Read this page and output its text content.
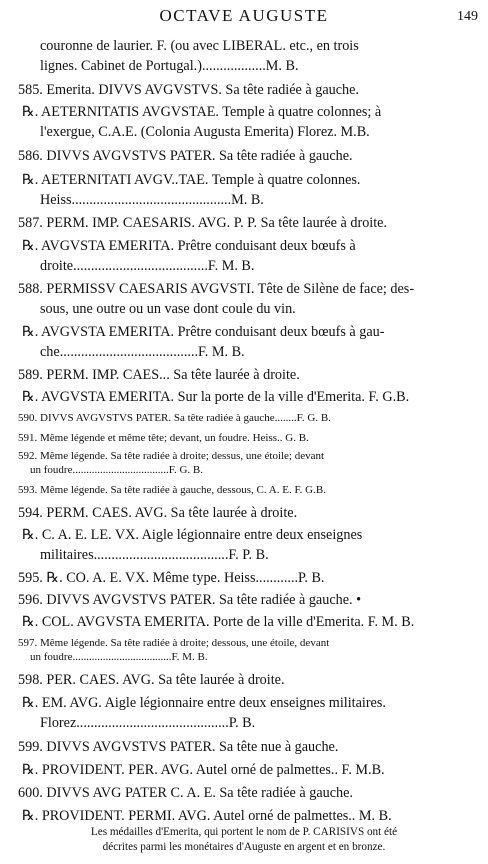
OCTAVE AUGUSTE	149
couronne de laurier. F. (ou avec LIBERAL. etc., en trois
lignes. Cabinet de Portugal.)..................M. B.
585. Emerita. DIVVS AVGVSTVS. Sa tête radiée à gauche.
℞. AETERNITATIS AVGVSTAE. Temple à quatre colonnes; à
l'exergue, C.A.E. (Colonia Augusta Emerita) Florez. M.B.
586. DIVVS AVGVSTVS PATER. Sa tête radiée à gauche.
℞. AETERNITATI AVGV..TAE. Temple à quatre colonnes.
Heiss.............................................M. B.
587. PERM. IMP. CAESARIS. AVG. P. P. Sa tête laurée à droite.
℞. AVGVSTA EMERITA. Prêtre conduisant deux bœufs à
droite......................................F. M. B.
588. PERMISSV CAESARIS AVGVSTI. Tête de Silène de face; des-
sous, une outre ou un vase dont coule du vin.
℞. AVGVSTA EMERITA. Prêtre conduisant deux bœufs à gau-
che.......................................F. M. B.
589. PERM. IMP. CAES... Sa tête laurée à droite.
℞. AVGVSTA EMERITA. Sur la porte de la ville d'Emerita. F. G.B.
590. DIVVS AVGVSTVS PATER. Sa tête radiée à gauche........F. G. B.
591. Même légende et même tête; devant, un foudre. Heiss.. G. B.
592. Même légende. Sa tête radiée à droite; dessus, une étoile; devant
un foudre...................................F. G. B.
593. Même légende. Sa tête radiée à gauche, dessous, C. A. E. F. G.B.
594. PERM. CAES. AVG. Sa tête laurée à droite.
℞. C. A. E. LE. VX. Aigle légionnaire entre deux enseignes
militaires......................................F. P. B.
595. ℞. CO. A. E. VX. Même type. Heiss............P. B.
596. DIVVS AVGVSTVS PATER. Sa tête radiée à gauche. •
℞. COL. AVGVSTA EMERITA. Porte de la ville d'Emerita. F. M. B.
597. Même légende. Sa tête radiée à droite; dessous, une étoile, devant
un foudre....................................F. M. B.
598. PER. CAES. AVG. Sa tête laurée à droite.
℞. EM. AVG. Aigle légionnaire entre deux enseignes militaires.
Florez...........................................P. B.
599. DIVVS AVGVSTVS PATER. Sa tête nue à gauche.
℞. PROVIDENT. PER. AVG. Autel orné de palmettes.. F. M.B.
600. DIVVS AVG PATER C. A. E. Sa tête radiée à gauche.
℞. PROVIDENT. PERMI. AVG. Autel orné de palmettes.. M. B.
Les médailles d'Emerita, qui portent le nom de P. CARISIVS ont été
décrites parmi les monétaires d'Auguste en argent et en bronze.
